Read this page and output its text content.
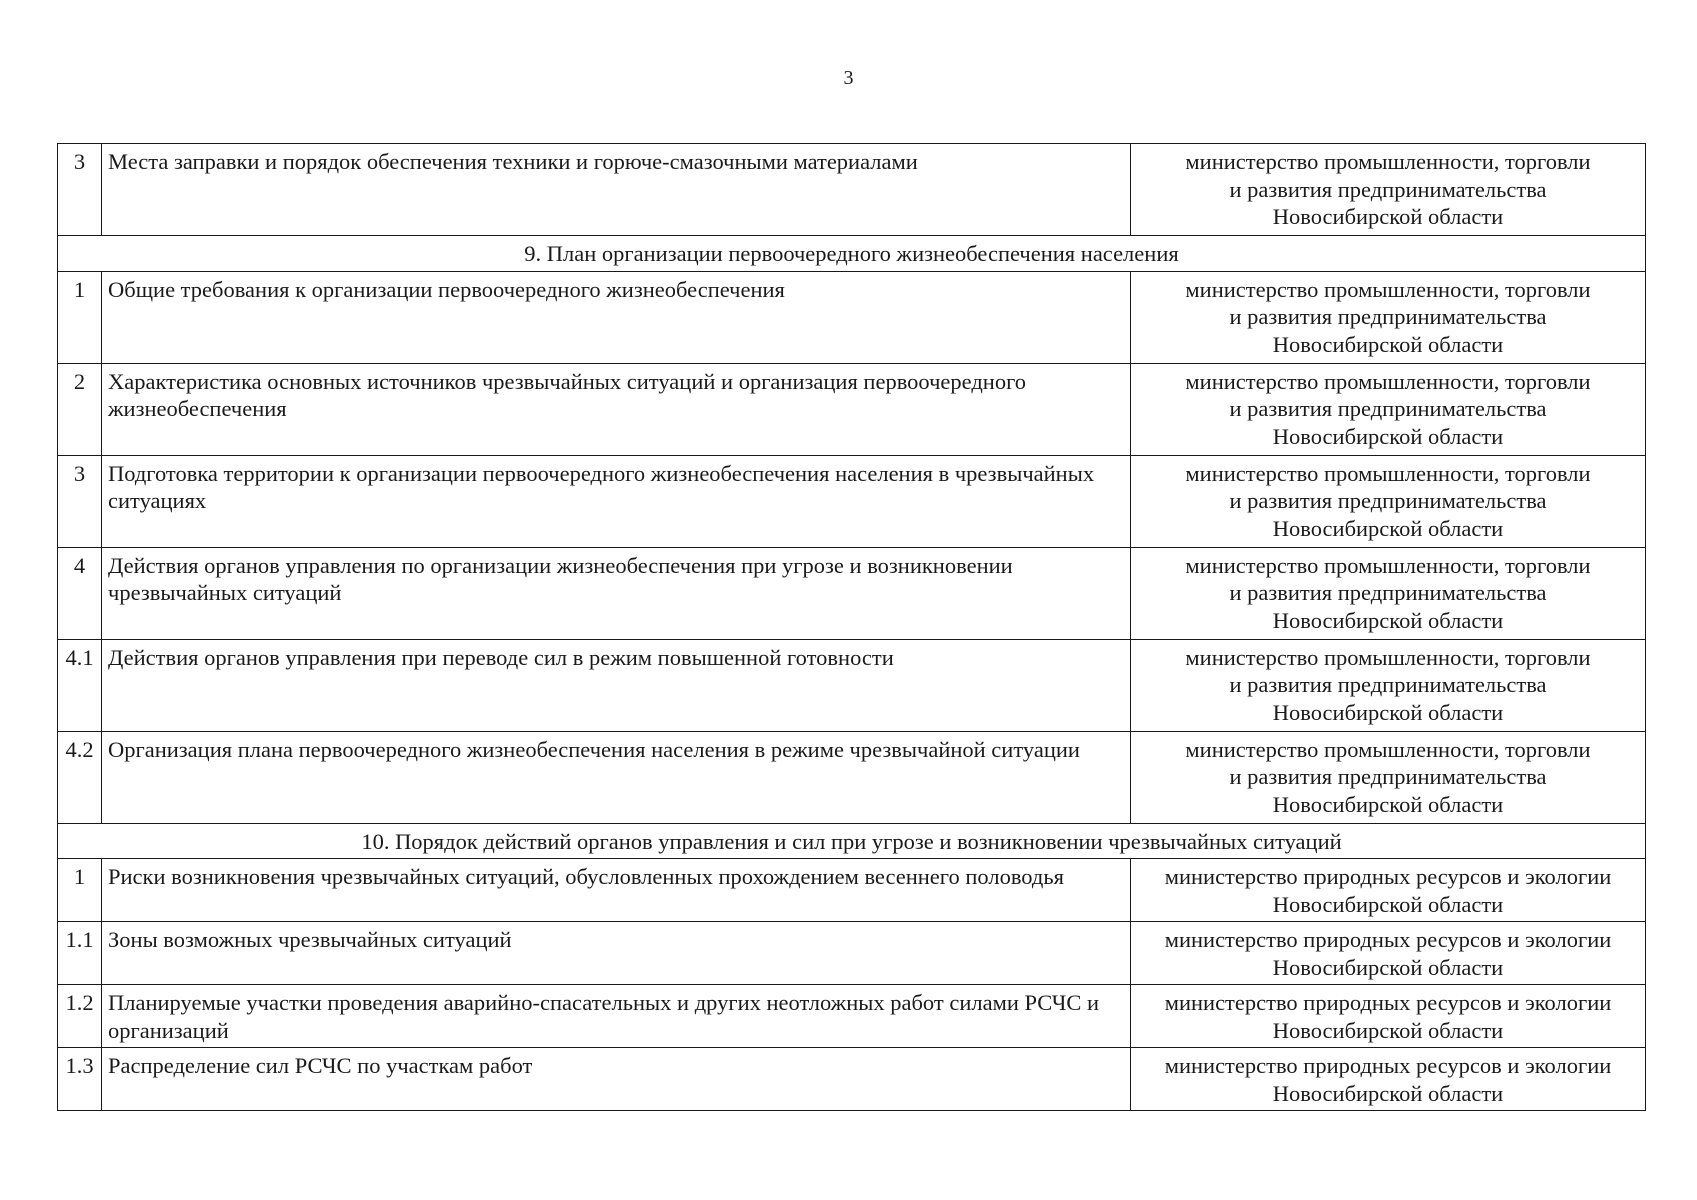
3
3	Места заправки и порядок обеспечения техники и горюче-смазочными материалами	министерство промышленности, торговли
и развития предпринимательства
Новосибирской области

9. План организации первоочередного жизнеобеспечения населения		
1	Общие требования к организации первоочередного жизнеобеспечения	министерство промышленности, торговли
и развития предпринимательства
Новосибирской области

2	Характеристика основных источников чрезвычайных ситуаций и организация первоочередного жизнеобеспечения	министерство промышленности, торговли
и развития предпринимательства
Новосибирской области

3	Подготовка территории к организации первоочередного жизнеобеспечения населения в чрезвычайных ситуациях	министерство промышленности, торговли
и развития предпринимательства
Новосибирской области

4	Действия органов управления по организации жизнеобеспечения при угрозе и возникновении чрезвычайных ситуаций	министерство промышленности, торговли
и развития предпринимательства
Новосибирской области

4.1	Действия органов управления при переводе сил в режим повышенной готовности	министерство промышленности, торговли
и развития предпринимательства
Новосибирской области

4.2	Организация плана первоочередного жизнеобеспечения населения в режиме чрезвычайной ситуации	министерство промышленности, торговли
и развития предпринимательства
Новосибирской области

10. Порядок действий органов управления и сил при угрозе и возникновении чрезвычайных ситуаций		
1	Риски возникновения чрезвычайных ситуаций, обусловленных прохождением весеннего половодья	министерство природных ресурсов и экологии
Новосибирской области

1.1	Зоны возможных чрезвычайных ситуаций	министерство природных ресурсов и экологии
Новосибирской области

1.2	Планируемые участки проведения аварийно-спасательных и других неотложных работ силами РСЧС и организаций	министерство природных ресурсов и экологии
Новосибирской области

1.3	Распределение сил РСЧС по участкам работ	министерство природных ресурсов и экологии
Новосибирской области
